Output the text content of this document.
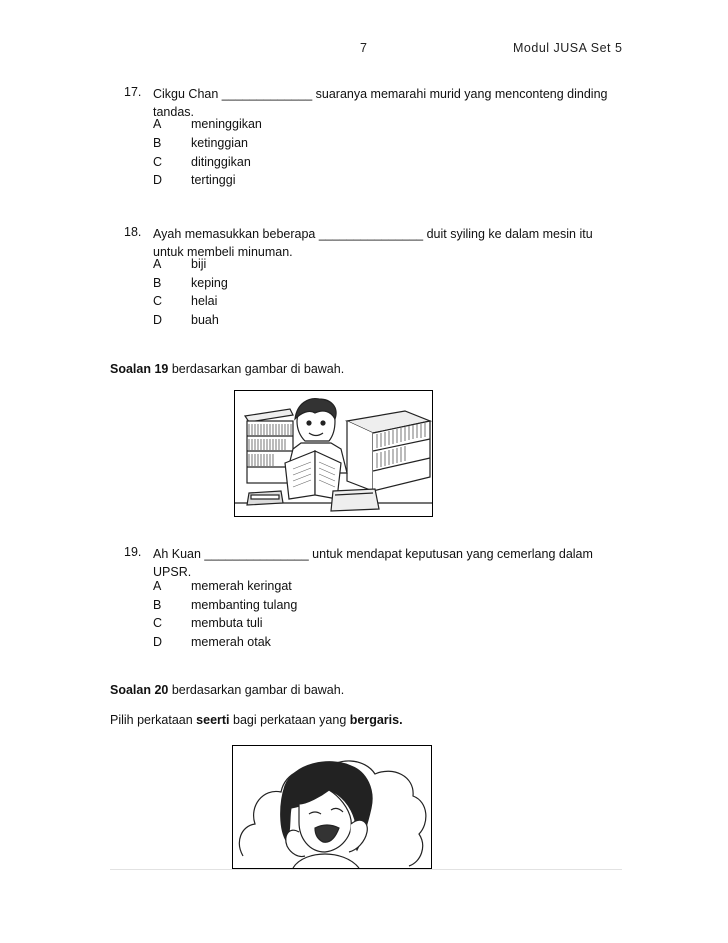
7	Modul JUSA Set 5
17. Cikgu Chan _____________ suaranya memarahi murid yang menconteng dinding tandas.
A meninggikan
B ketinggian
C ditinggikan
D tertinggi
18. Ayah memasukkan beberapa _______________ duit syiling ke dalam mesin itu untuk membeli minuman.
A biji
B keping
C helai
D buah
Soalan 19 berdasarkan gambar di bawah.
19. Ah Kuan _______________ untuk mendapat keputusan yang cemerlang dalam UPSR.
A memerah keringat
B membanting tulang
C membuta tuli
D memerah otak
Soalan 20 berdasarkan gambar di bawah.
Pilih perkataan seerti bagi perkataan yang bergaris.
